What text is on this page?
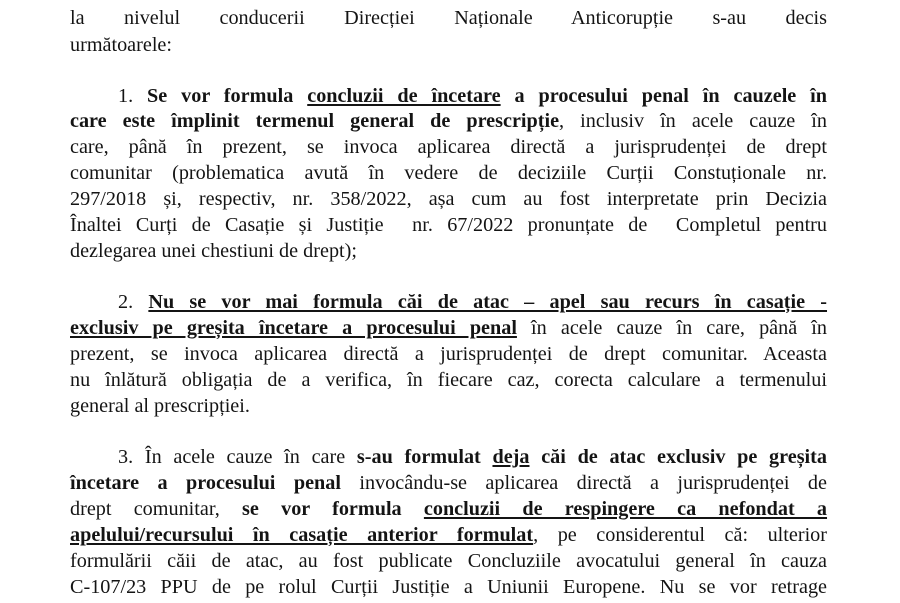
la nivelul conducerii Direcției Naționale Anticorupție s-au decis
următoarele:
1. Se vor formula concluzii de încetare a procesului penal în cauzele în
care este împlinit termenul general de prescripție, inclusiv în acele cauze în
care, până în prezent, se invoca aplicarea directă a jurisprudenței de drept
comunitar (problematica avută în vedere de deciziile Curții Constuționale nr.
297/2018 și, respectiv, nr. 358/2022, așa cum au fost interpretate prin Decizia
Înaltei Curți de Casație și Justiție  nr. 67/2022 pronunțate de  Completul pentru
dezlegarea unei chestiuni de drept);
2. Nu se vor mai formula căi de atac – apel sau recurs în casație -
exclusiv pe greșita încetare a procesului penal în acele cauze în care, până în
prezent, se invoca aplicarea directă a jurisprudenței de drept comunitar. Aceasta
nu înlătură obligația de a verifica, în fiecare caz, corecta calculare a termenului
general al prescripției.
3. În acele cauze în care s-au formulat deja căi de atac exclusiv pe greșita
încetare a procesului penal invocându-se aplicarea directă a jurisprudenței de
drept comunitar, se vor formula concluzii de respingere ca nefondat a
apelului/recursului în casație anterior formulat, pe considerentul că: ulterior
formulării căii de atac, au fost publicate Concluziile avocatului general în cauza
C-107/23 PPU de pe rolul Curții Justiție a Uniunii Europene. Nu se vor retrage
